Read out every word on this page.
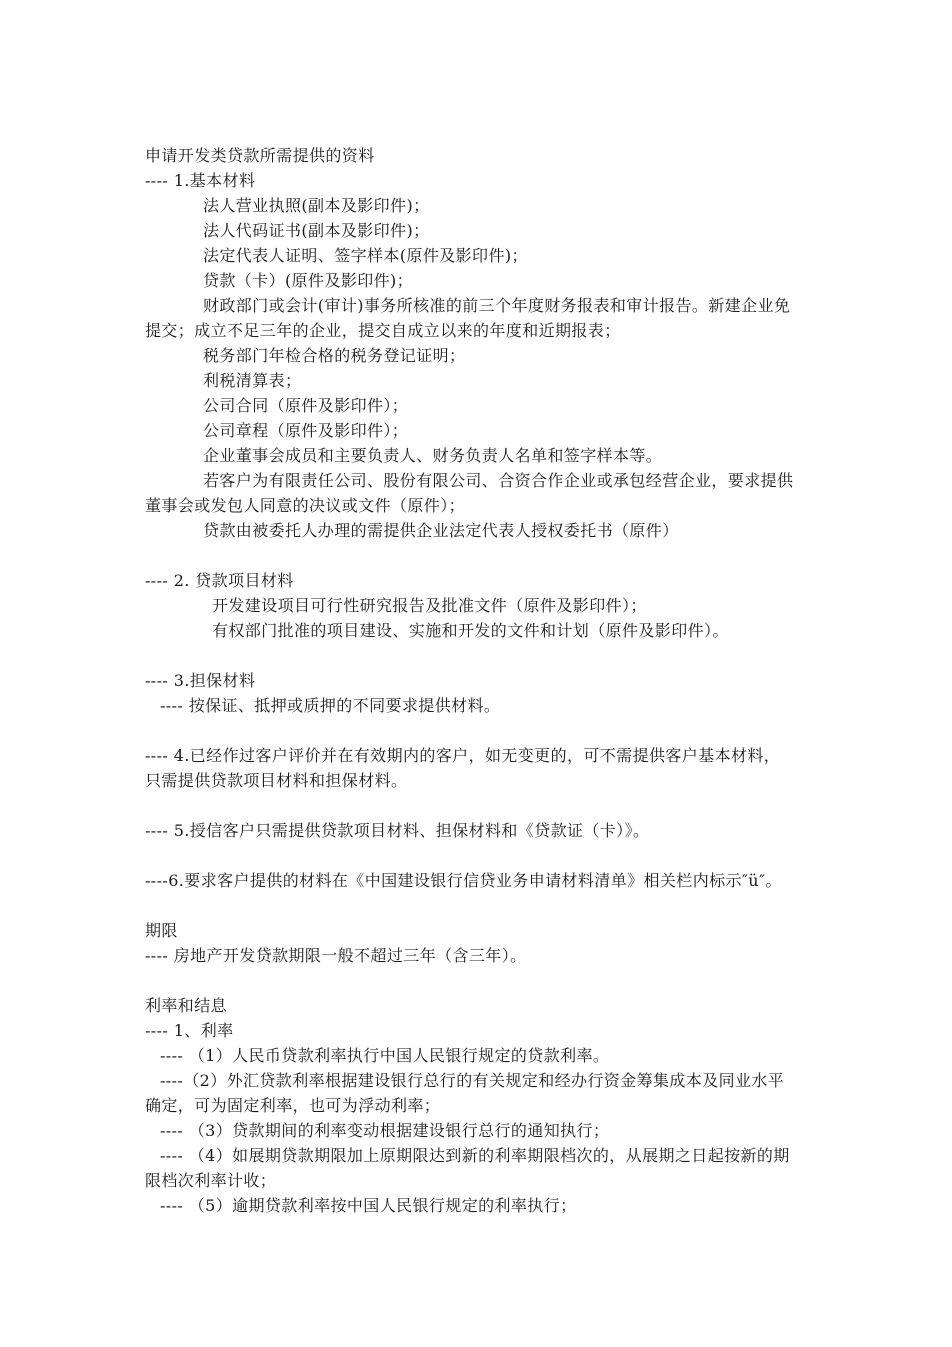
申请开发类贷款所需提供的资料
---- 1.基本材料
法人营业执照(副本及影印件)；
法人代码证书(副本及影印件)；
法定代表人证明、签字样本(原件及影印件)；
贷款（卡）(原件及影印件)；
财政部门或会计(审计)事务所核准的前三个年度财务报表和审计报告。新建企业免
提交；成立不足三年的企业，提交自成立以来的年度和近期报表；
税务部门年检合格的税务登记证明；
利税清算表；
公司合同（原件及影印件）；
公司章程（原件及影印件）；
企业董事会成员和主要负责人、财务负责人名单和签字样本等。
若客户为有限责任公司、股份有限公司、合资合作企业或承包经营企业，要求提供
董事会或发包人同意的决议或文件（原件）；
贷款由被委托人办理的需提供企业法定代表人授权委托书（原件）
---- 2. 贷款项目材料
开发建设项目可行性研究报告及批准文件（原件及影印件）；
有权部门批准的项目建设、实施和开发的文件和计划（原件及影印件）。
---- 3.担保材料
---- 按保证、抵押或质押的不同要求提供材料。
---- 4.已经作过客户评价并在有效期内的客户，如无变更的，可不需提供客户基本材料，
只需提供贷款项目材料和担保材料。
---- 5.授信客户只需提供贷款项目材料、担保材料和《贷款证（卡）》。
----6.要求客户提供的材料在《中国建设银行信贷业务申请材料清单》相关栏内标示″ü″。
期限
---- 房地产开发贷款期限一般不超过三年（含三年）。
利率和结息
---- 1、利率
---- （1）人民币贷款利率执行中国人民银行规定的贷款利率。
----（2）外汇贷款利率根据建设银行总行的有关规定和经办行资金筹集成本及同业水平
确定，可为固定利率，也可为浮动利率；
---- （3）贷款期间的利率变动根据建设银行总行的通知执行；
---- （4）如展期贷款期限加上原期限达到新的利率期限档次的，从展期之日起按新的期
限档次利率计收；
---- （5）逾期贷款利率按中国人民银行规定的利率执行；
